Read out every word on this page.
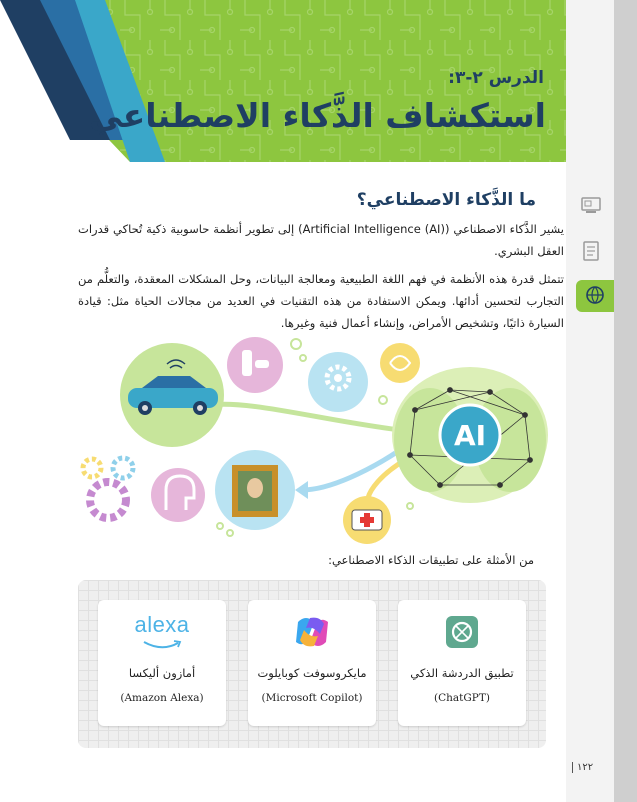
الدرس ٢-٣:
استكشاف الذَّكاء الاصطناعي
ما الذَّكاء الاصطناعي؟
يشير الذَّكاء الاصطناعي (Artificial Intelligence (AI)) إلى تطوير أنظمة حاسوبية ذكية تُحاكي قدرات العقل البشري.
تتمثل قدرة هذه الأنظمة في فهم اللغة الطبيعية ومعالجة البيانات، وحل المشكلات المعقدة، والتعلُّم من التجارب لتحسين أدائها. ويمكن الاستفادة من هذه التقنيات في العديد من مجالات الحياة مثل: قيادة السيارة ذاتيًا، وتشخيص الأمراض، وإنشاء أعمال فنية وغيرها.
AI
من الأمثلة على تطبيقات الذكاء الاصطناعي:
تطبيق الدردشة الذكي
(ChatGPT)
مايكروسوفت كوبايلوت
(Microsoft Copilot)
alexa
أمازون أليكسا
(Amazon Alexa)
١٢٢
